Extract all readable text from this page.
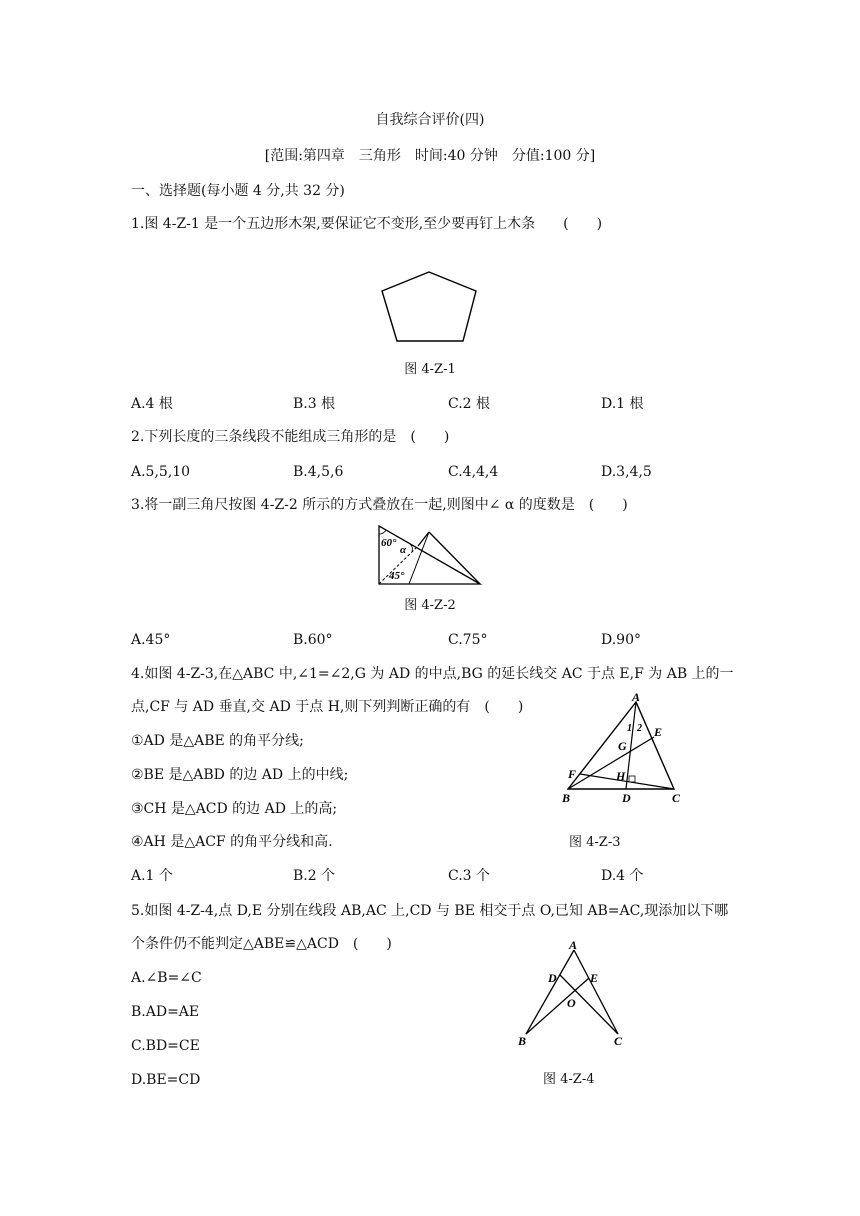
自我综合评价(四)
[范围:第四章　三角形　时间:40 分钟　分值:100 分]
一、选择题(每小题 4 分,共 32 分)
1.图 4-Z-1 是一个五边形木架,要保证它不变形,至少要再钉上木条　　(　　)
图 4-Z-1
A.4 根	B.3 根	C.2 根	D.1 根
2.下列长度的三条线段不能组成三角形的是　(　　)
A.5,5,10	B.4,5,6	C.4,4,4	D.3,4,5
3.将一副三角尺按图 4-Z-2 所示的方式叠放在一起,则图中∠ α 的度数是　(　　)
60°
α
45°
图 4-Z-2
A.45°	B.60°	C.75°	D.90°
4.如图 4-Z-3,在△ABC 中,∠1=∠2,G 为 AD 的中点,BG 的延长线交 AC 于点 E,F 为 AB 上的一
点,CF 与 AD 垂直,交 AD 于点 H,则下列判断正确的有　(　　)
①AD 是△ABE 的角平分线;
②BE 是△ABD 的边 AD 上的中线;
③CH 是△ACD 的边 AD 上的高;
④AH 是△ACF 的角平分线和高.
A
1 2 E
G
F	H
B	D	C
图 4-Z-3
A.1 个	B.2 个	C.3 个	D.4 个
5.如图 4-Z-4,点 D,E 分别在线段 AB,AC 上,CD 与 BE 相交于点 O,已知 AB=AC,现添加以下哪
个条件仍不能判定△ABE≌△ACD　(　　)
A.∠B=∠C
B.AD=AE
C.BD=CE
D.BE=CD
A
D	E
O
B	C
图 4-Z-4
